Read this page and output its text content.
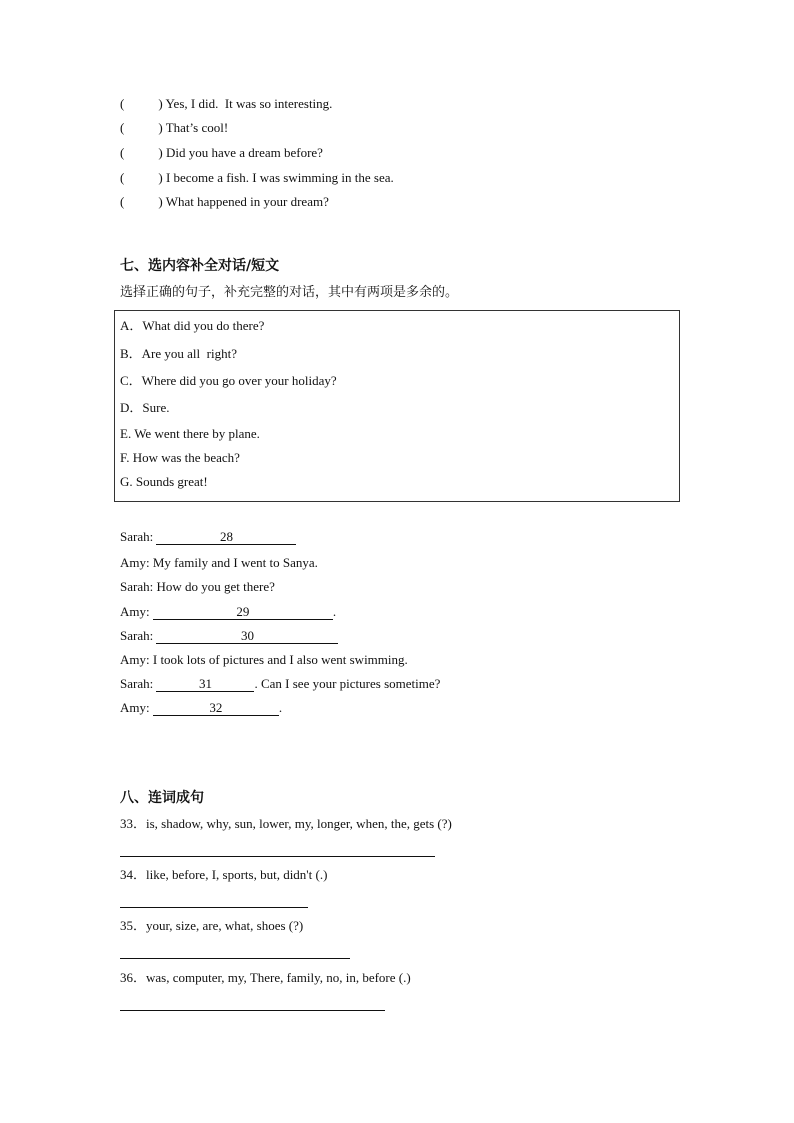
(	) Yes, I did.  It was so interesting.
(	) That’s cool!
(	) Did you have a dream before?
(	) I become a fish. I was swimming in the sea.
(	) What happened in your dream?
七、选内容补全对话/短文
选择正确的句子，补充完整的对话，其中有两项是多余的。
A．What did you do there?
B．Are you all  right?
C．Where did you go over your holiday?
D．Sure.
E. We went there by plane.
F. How was the beach?
G. Sounds great!
Sarah:	28
Amy: My family and I went to Sanya.
Sarah: How do you get there?
Amy:	29	.
Sarah:	30
Amy: I took lots of pictures and I also went swimming.
Sarah:	31	. Can I see your pictures sometime?
Amy:	32	.
八、连词成句
33．is, shadow, why, sun, lower, my, longer, when, the, gets (?)
34．like, before, I, sports, but, didn't (.)
35．your, size, are, what, shoes (?)
36．was, computer, my, There, family, no, in, before (.)
